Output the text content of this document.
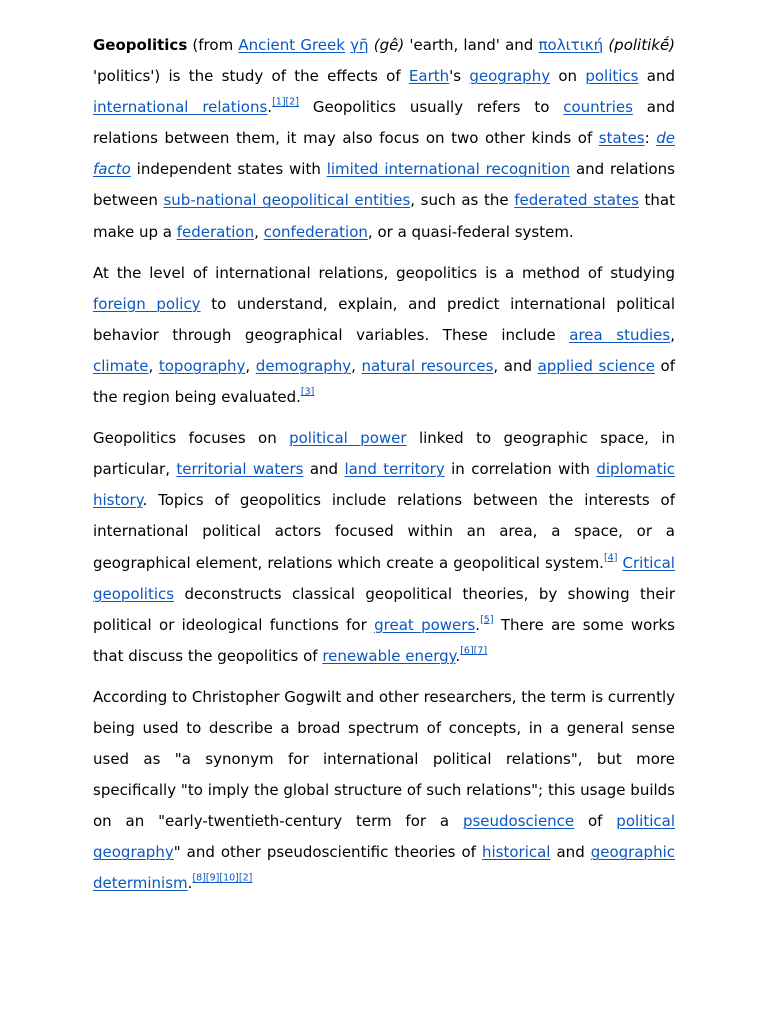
Geopolitics (from Ancient Greek γῆ (gê) 'earth, land' and πολιτική (politikḗ) 'politics') is the study of the effects of Earth's geography on politics and international relations.[1][2] Geopolitics usually refers to countries and relations between them, it may also focus on two other kinds of states: de facto independent states with limited international recognition and relations between sub-national geopolitical entities, such as the federated states that make up a federation, confederation, or a quasi-federal system.

At the level of international relations, geopolitics is a method of studying foreign policy to understand, explain, and predict international political behavior through geographical variables. These include area studies, climate, topography, demography, natural resources, and applied science of the region being evaluated.[3]

Geopolitics focuses on political power linked to geographic space, in particular, territorial waters and land territory in correlation with diplomatic history. Topics of geopolitics include relations between the interests of international political actors focused within an area, a space, or a geographical element, relations which create a geopolitical system.[4] Critical geopolitics deconstructs classical geopolitical theories, by showing their political or ideological functions for great powers.[5] There are some works that discuss the geopolitics of renewable energy.[6][7]

According to Christopher Gogwilt and other researchers, the term is currently being used to describe a broad spectrum of concepts, in a general sense used as "a synonym for international political relations", but more specifically "to imply the global structure of such relations"; this usage builds on an "early-twentieth-century term for a pseudoscience of political geography" and other pseudoscientific theories of historical and geographic determinism.[8][9][10][2]
